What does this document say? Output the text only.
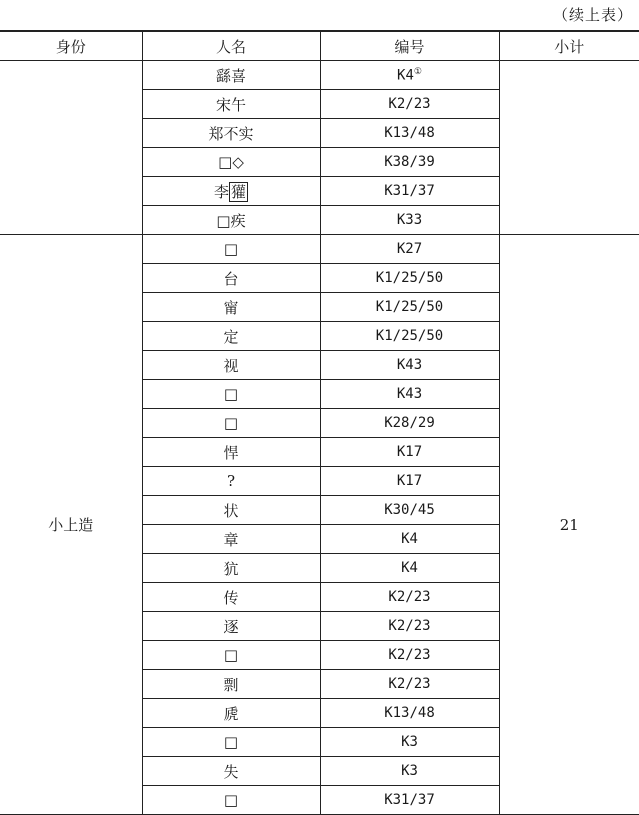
（续上表）
身份	人名	编号	小计
	繇喜	K4①	
	宋午	K2/23	
	郑不实	K13/48	
	□◇	K38/39	
	李 獾	K31/37	
	□疾	K33	
小上造	□	K27	21
	台	K1/25/50	
	甯	K1/25/50	
	定	K1/25/50	
	视	K43	
	□	K43	
	□	K28/29	
	悍	K17	
	?	K17	
	状	K30/45	
	章	K4	
	犺	K4	
	传	K2/23	
	逐	K2/23	
	□	K2/23	
	剽	K2/23	
	虒	K13/48	
	□	K3	
	失	K3	
	□	K31/37	
